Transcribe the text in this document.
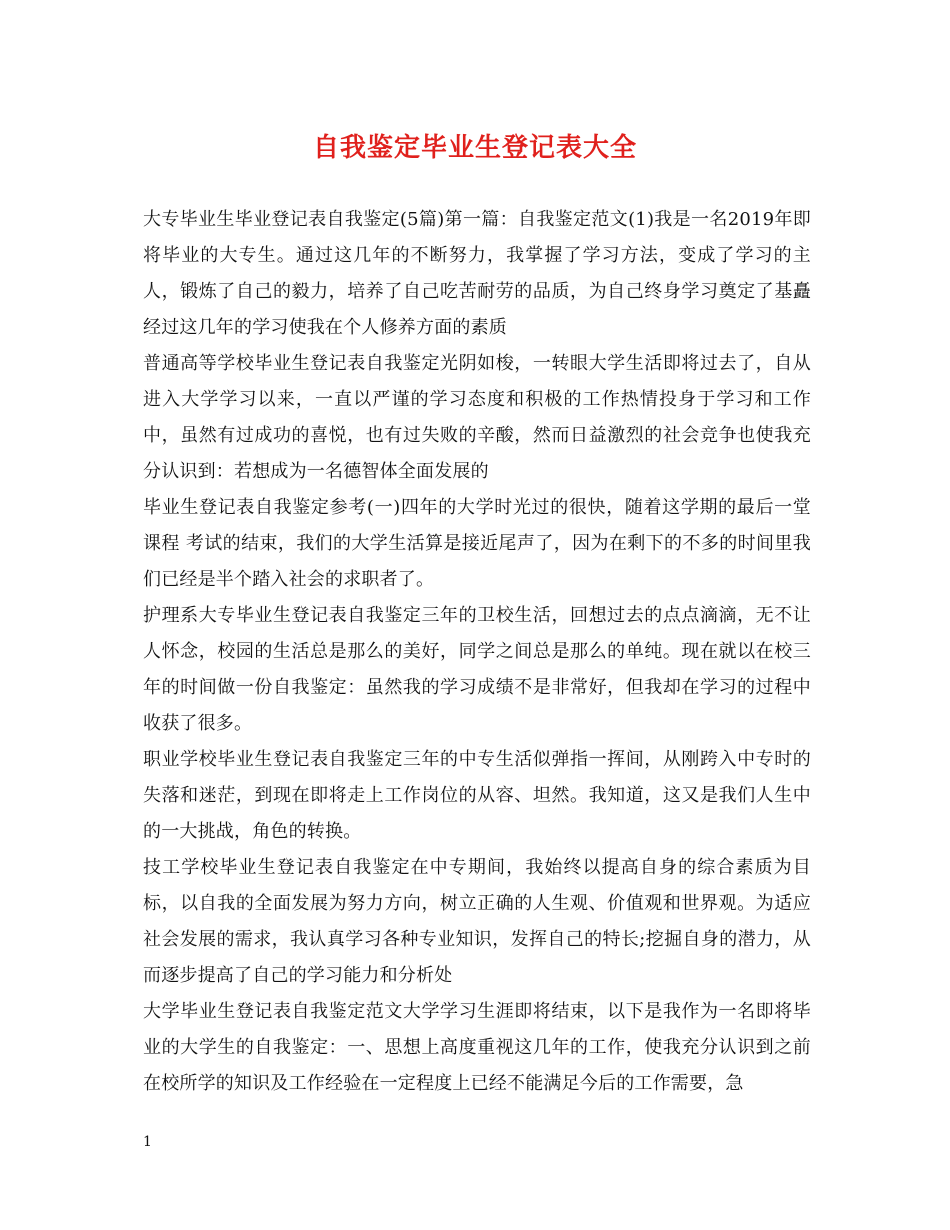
自我鉴定毕业生登记表大全

大专毕业生毕业登记表自我鉴定(5篇)第一篇：自我鉴定范文(1)我是一名2019年即将毕业的大专生。通过这几年的不断努力，我掌握了学习方法，变成了学习的主人，锻炼了自己的毅力，培养了自己吃苦耐劳的品质，为自己终身学习奠定了基矗经过这几年的学习使我在个人修养方面的素质

普通高等学校毕业生登记表自我鉴定光阴如梭，一转眼大学生活即将过去了，自从进入大学学习以来，一直以严谨的学习态度和积极的工作热情投身于学习和工作中，虽然有过成功的喜悦，也有过失败的辛酸，然而日益激烈的社会竞争也使我充分认识到：若想成为一名德智体全面发展的

毕业生登记表自我鉴定参考(一)四年的大学时光过的很快，随着这学期的最后一堂课程 考试的结束，我们的大学生活算是接近尾声了，因为在剩下的不多的时间里我们已经是半个踏入社会的求职者了。

护理系大专毕业生登记表自我鉴定三年的卫校生活，回想过去的点点滴滴，无不让人怀念，校园的生活总是那么的美好，同学之间总是那么的单纯。现在就以在校三年的时间做一份自我鉴定：虽然我的学习成绩不是非常好，但我却在学习的过程中收获了很多。

职业学校毕业生登记表自我鉴定三年的中专生活似弹指一挥间，从刚跨入中专时的失落和迷茫，到现在即将走上工作岗位的从容、坦然。我知道，这又是我们人生中的一大挑战，角色的转换。

技工学校毕业生登记表自我鉴定在中专期间，我始终以提高自身的综合素质为目标，以自我的全面发展为努力方向，树立正确的人生观、价值观和世界观。为适应社会发展的需求，我认真学习各种专业知识，发挥自己的特长;挖掘自身的潜力，从而逐步提高了自己的学习能力和分析处

大学毕业生登记表自我鉴定范文大学学习生涯即将结束，以下是我作为一名即将毕业的大学生的自我鉴定：一、思想上高度重视这几年的工作，使我充分认识到之前在校所学的知识及工作经验在一定程度上已经不能满足今后的工作需要，急

1
